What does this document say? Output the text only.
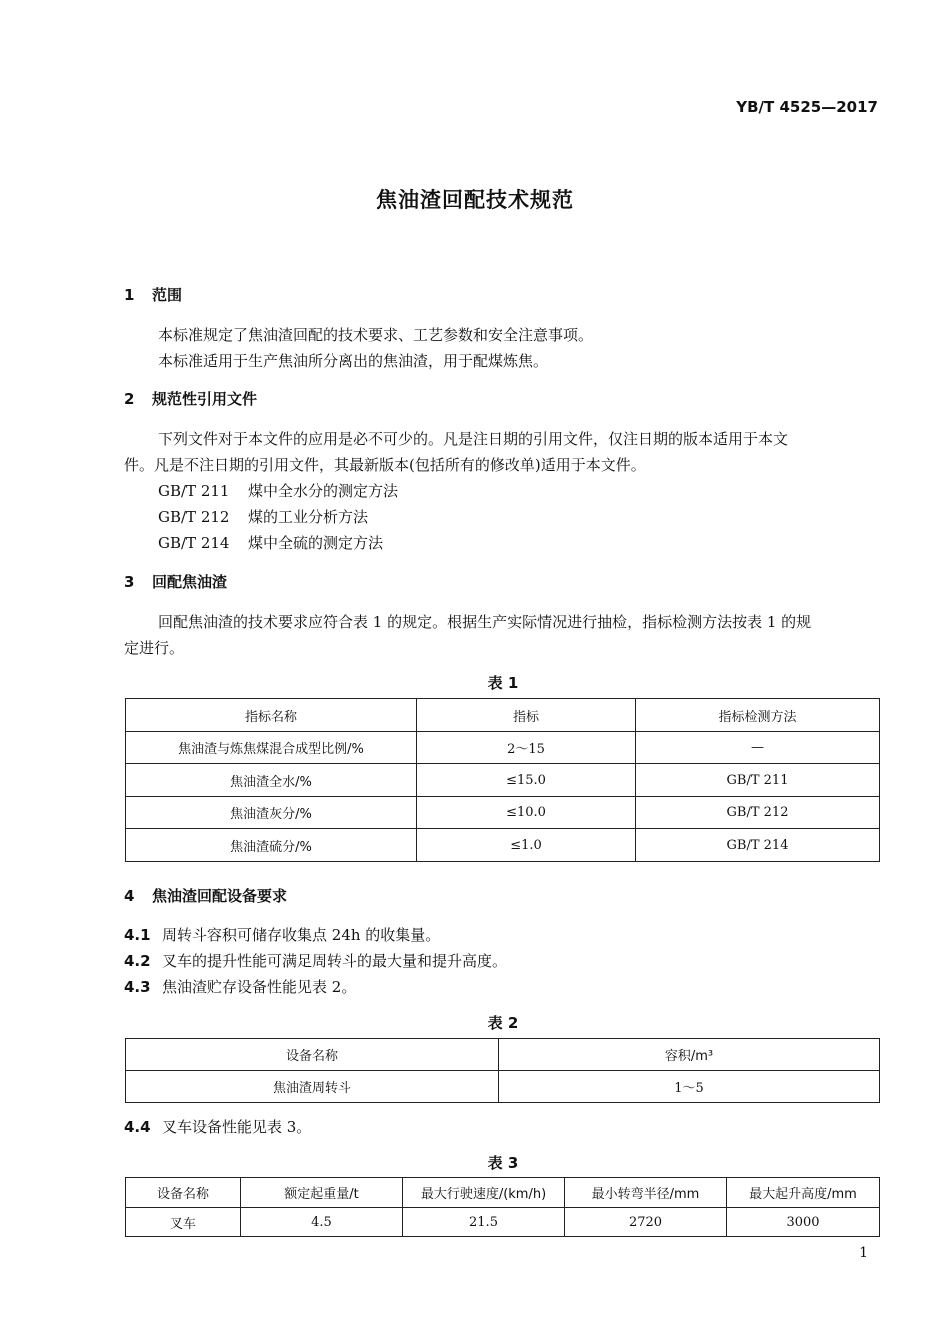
YB/T 4525—2017
焦油渣回配技术规范
1 范围
本标准规定了焦油渣回配的技术要求、工艺参数和安全注意事项。
本标准适用于生产焦油所分离出的焦油渣，用于配煤炼焦。
2 规范性引用文件
下列文件对于本文件的应用是必不可少的。凡是注日期的引用文件，仅注日期的版本适用于本文
件。凡是不注日期的引用文件，其最新版本(包括所有的修改单)适用于本文件。
GB/T 211 煤中全水分的测定方法
GB/T 212 煤的工业分析方法
GB/T 214 煤中全硫的测定方法
3 回配焦油渣
回配焦油渣的技术要求应符合表 1 的规定。根据生产实际情况进行抽检，指标检测方法按表 1 的规
定进行。
表 1
指标名称	指标	指标检测方法
焦油渣与炼焦煤混合成型比例/%	2～15	—
焦油渣全水/%	≤15.0	GB/T 211
焦油渣灰分/%	≤10.0	GB/T 212
焦油渣硫分/%	≤1.0	GB/T 214
4 焦油渣回配设备要求
4.1 周转斗容积可储存收集点 24h 的收集量。
4.2 叉车的提升性能可满足周转斗的最大量和提升高度。
4.3 焦油渣贮存设备性能见表 2。
表 2
设备名称	容积/m³
焦油渣周转斗	1～5
4.4 叉车设备性能见表 3。
表 3
设备名称	额定起重量/t	最大行驶速度/(km/h)	最小转弯半径/mm	最大起升高度/mm
叉车	4.5	21.5	2720	3000
1
